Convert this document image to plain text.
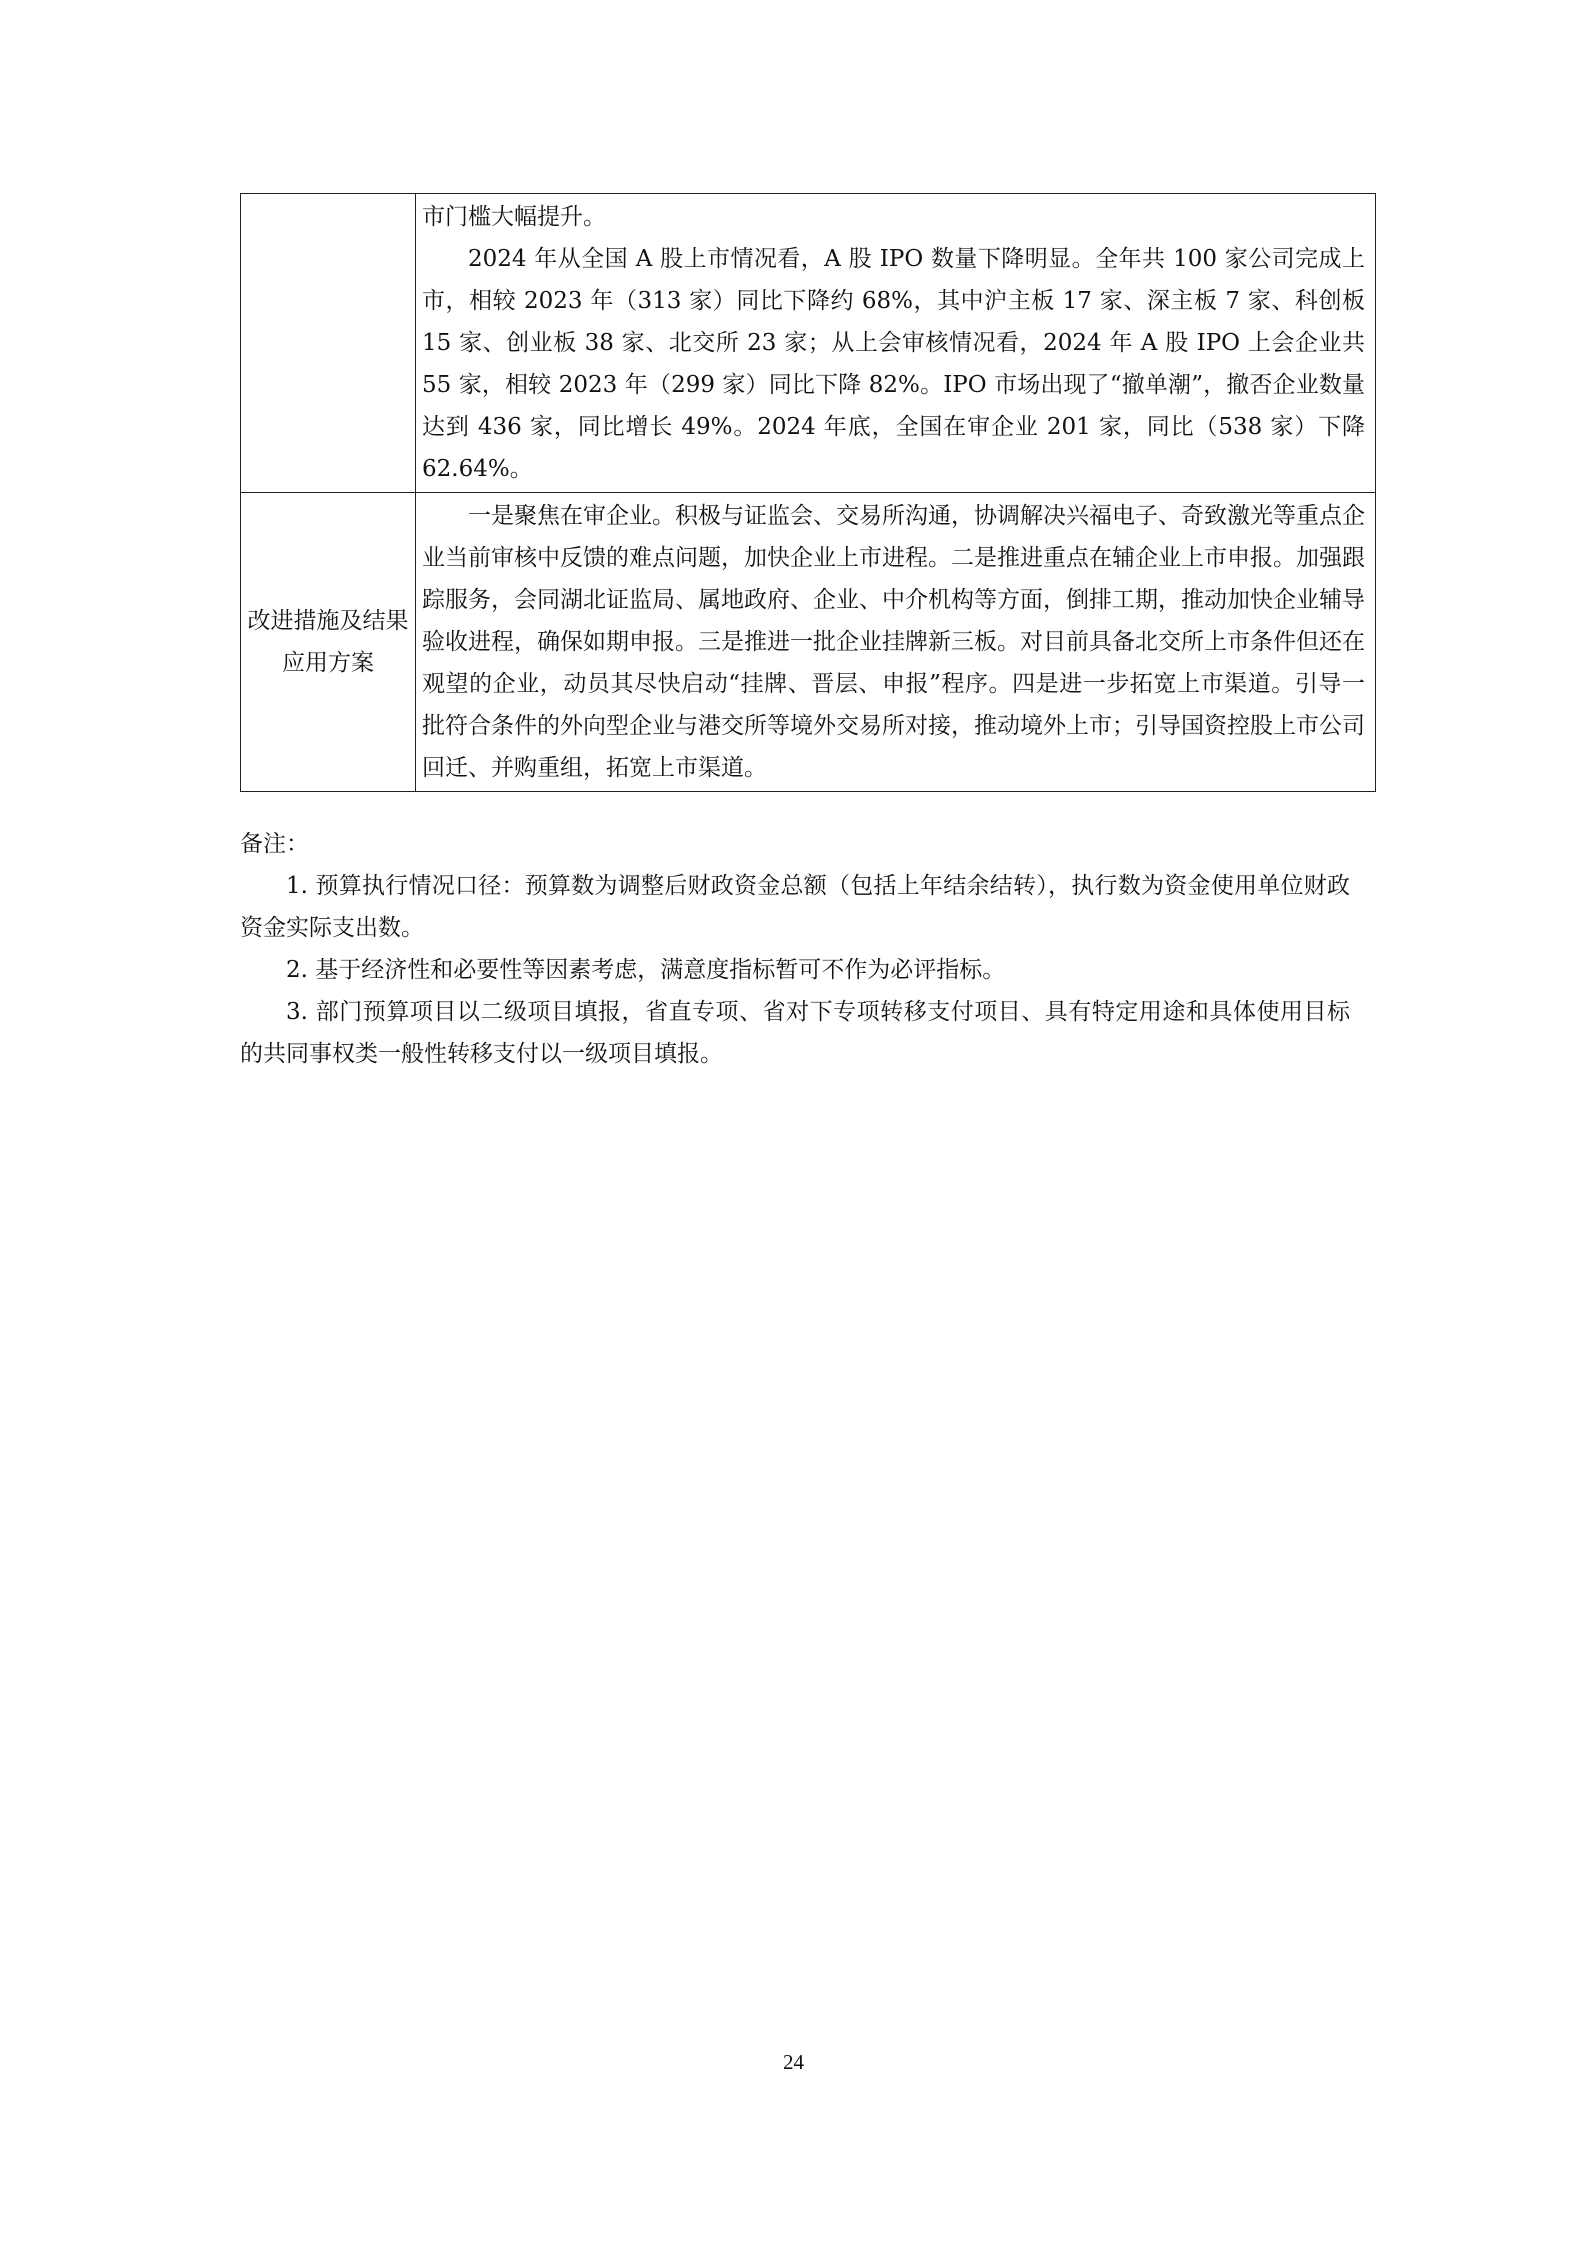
	市门槛大幅提升。

2024 年从全国 A 股上市情况看，A 股 IPO 数量下降明显。全年共 100 家公司完成上市，相较 2023 年（313 家）同比下降约 68%，其中沪主板 17 家、深主板 7 家、科创板 15 家、创业板 38 家、北交所 23 家；从上会审核情况看，2024 年 A 股 IPO 上会企业共 55 家，相较 2023 年（299 家）同比下降 82%。IPO 市场出现了“撤单潮”，撤否企业数量达到 436 家，同比增长 49%。2024 年底，全国在审企业 201 家，同比（538 家）下降 62.64%。

改进措施及结果应用方案	一是聚焦在审企业。积极与证监会、交易所沟通，协调解决兴福电子、奇致激光等重点企业当前审核中反馈的难点问题，加快企业上市进程。二是推进重点在辅企业上市申报。加强跟踪服务，会同湖北证监局、属地政府、企业、中介机构等方面，倒排工期，推动加快企业辅导验收进程，确保如期申报。三是推进一批企业挂牌新三板。对目前具备北交所上市条件但还在观望的企业，动员其尽快启动“挂牌、晋层、申报”程序。四是进一步拓宽上市渠道。引导一批符合条件的外向型企业与港交所等境外交易所对接，推动境外上市；引导国资控股上市公司回迁、并购重组，拓宽上市渠道。

备注：

1. 预算执行情况口径：预算数为调整后财政资金总额（包括上年结余结转），执行数为资金使用单位财政资金实际支出数。

2. 基于经济性和必要性等因素考虑，满意度指标暂可不作为必评指标。

3. 部门预算项目以二级项目填报，省直专项、省对下专项转移支付项目、具有特定用途和具体使用目标的共同事权类一般性转移支付以一级项目填报。

24
